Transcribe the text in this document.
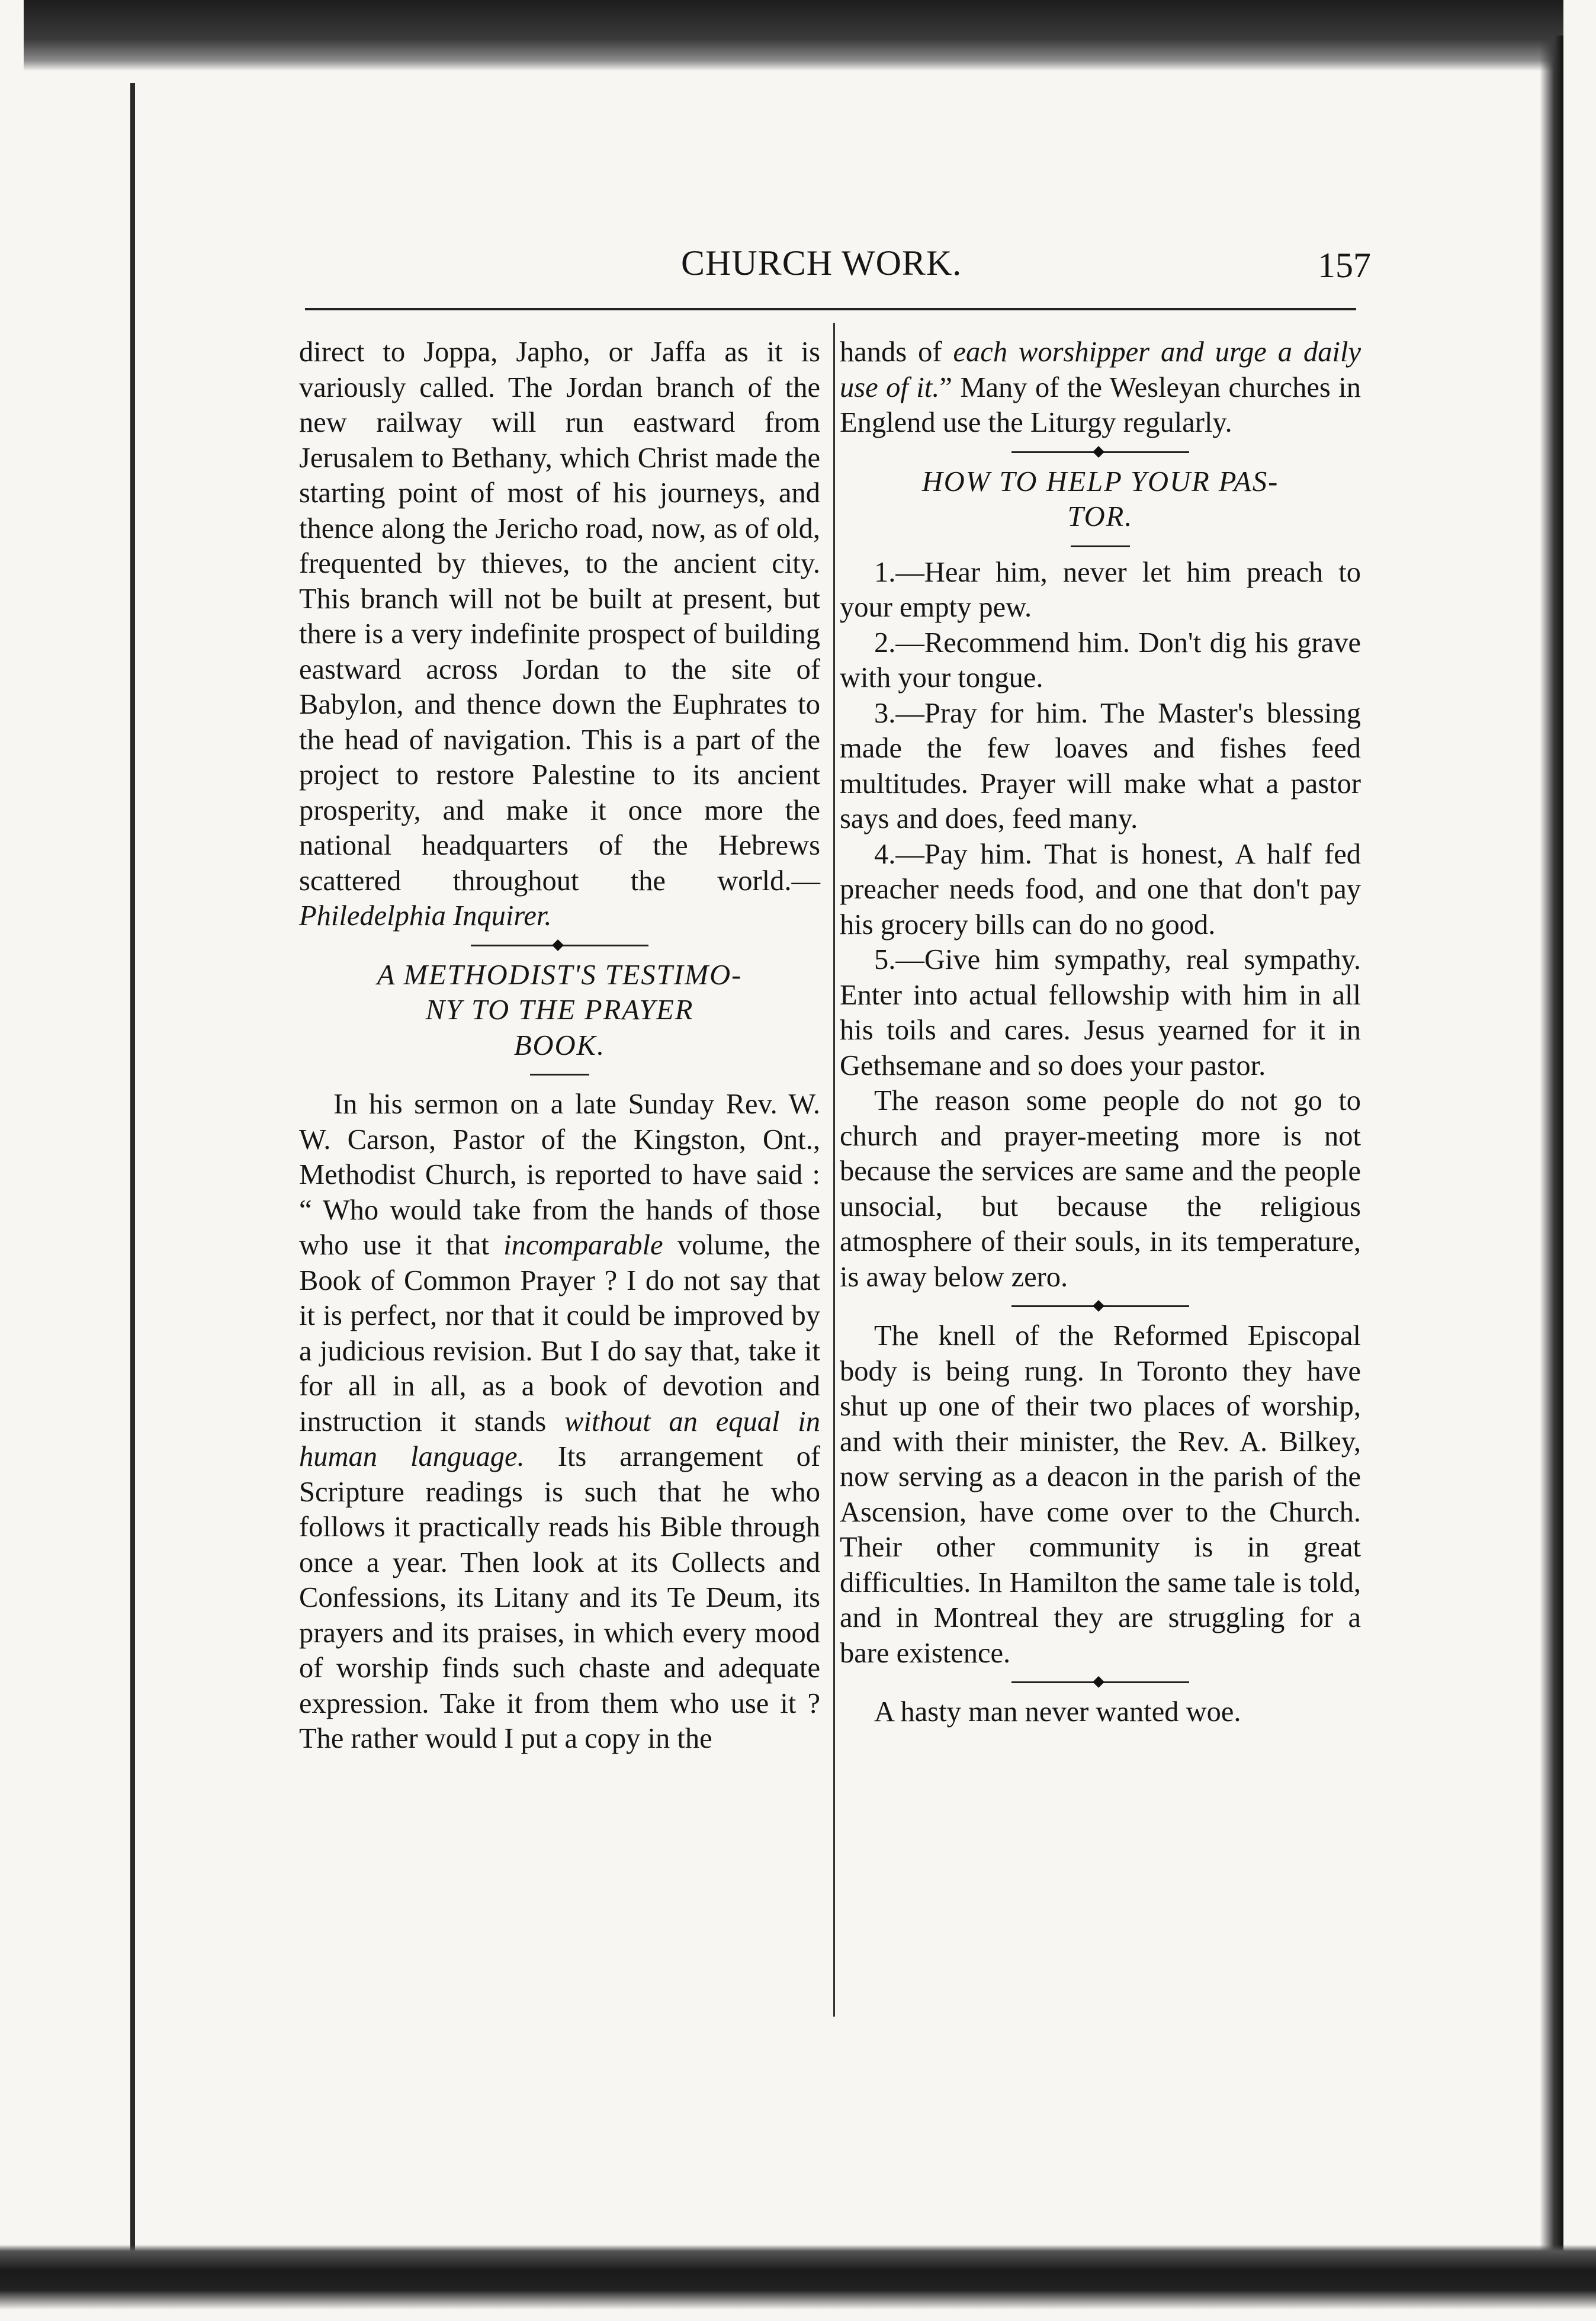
CHURCH WORK.	157

direct to Joppa, Japho, or Jaffa as it is variously called. The Jordan branch of the new railway will run eastward from Jerusalem to Bethany, which Christ made the starting point of most of his journeys, and thence along the Jericho road, now, as of old, frequented by thieves, to the ancient city. This branch will not be built at present, but there is a very indefinite prospect of building eastward across Jordan to the site of Babylon, and thence down the Euphrates to the head of navigation. This is a part of the project to restore Palestine to its ancient prosperity, and make it once more the national headquarters of the Hebrews scattered throughout the world.—Philedelphia Inquirer.

A METHODIST'S TESTIMO-
NY TO THE PRAYER
BOOK.

In his sermon on a late Sunday Rev. W. W. Carson, Pastor of the Kingston, Ont., Methodist Church, is reported to have said : “ Who would take from the hands of those who use it that incomparable volume, the Book of Common Prayer ? I do not say that it is perfect, nor that it could be improved by a judicious revision. But I do say that, take it for all in all, as a book of devotion and instruction it stands without an equal in human language. Its arrangement of Scripture readings is such that he who follows it practically reads his Bible through once a year. Then look at its Collects and Confessions, its Litany and its Te Deum, its prayers and its praises, in which every mood of worship finds such chaste and adequate expression. Take it from them who use it ? The rather would I put a copy in the

hands of each worshipper and urge a daily use of it.” Many of the Wesleyan churches in Englend use the Liturgy regularly.

HOW TO HELP YOUR PAS-
TOR.

1.—Hear him, never let him preach to your empty pew.

2.—Recommend him. Don't dig his grave with your tongue.

3.—Pray for him. The Master's blessing made the few loaves and fishes feed multitudes. Prayer will make what a pastor says and does, feed many.

4.—Pay him. That is honest, A half fed preacher needs food, and one that don't pay his grocery bills can do no good.

5.—Give him sympathy, real sympathy. Enter into actual fellowship with him in all his toils and cares. Jesus yearned for it in Gethsemane and so does your pastor.

The reason some people do not go to church and prayer-meeting more is not because the services are same and the people unsocial, but because the religious atmosphere of their souls, in its temperature, is away below zero.

The knell of the Reformed Episcopal body is being rung. In Toronto they have shut up one of their two places of worship, and with their minister, the Rev. A. Bilkey, now serving as a deacon in the parish of the Ascension, have come over to the Church. Their other community is in great difficulties. In Hamilton the same tale is told, and in Montreal they are struggling for a bare existence.

A hasty man never wanted woe.
